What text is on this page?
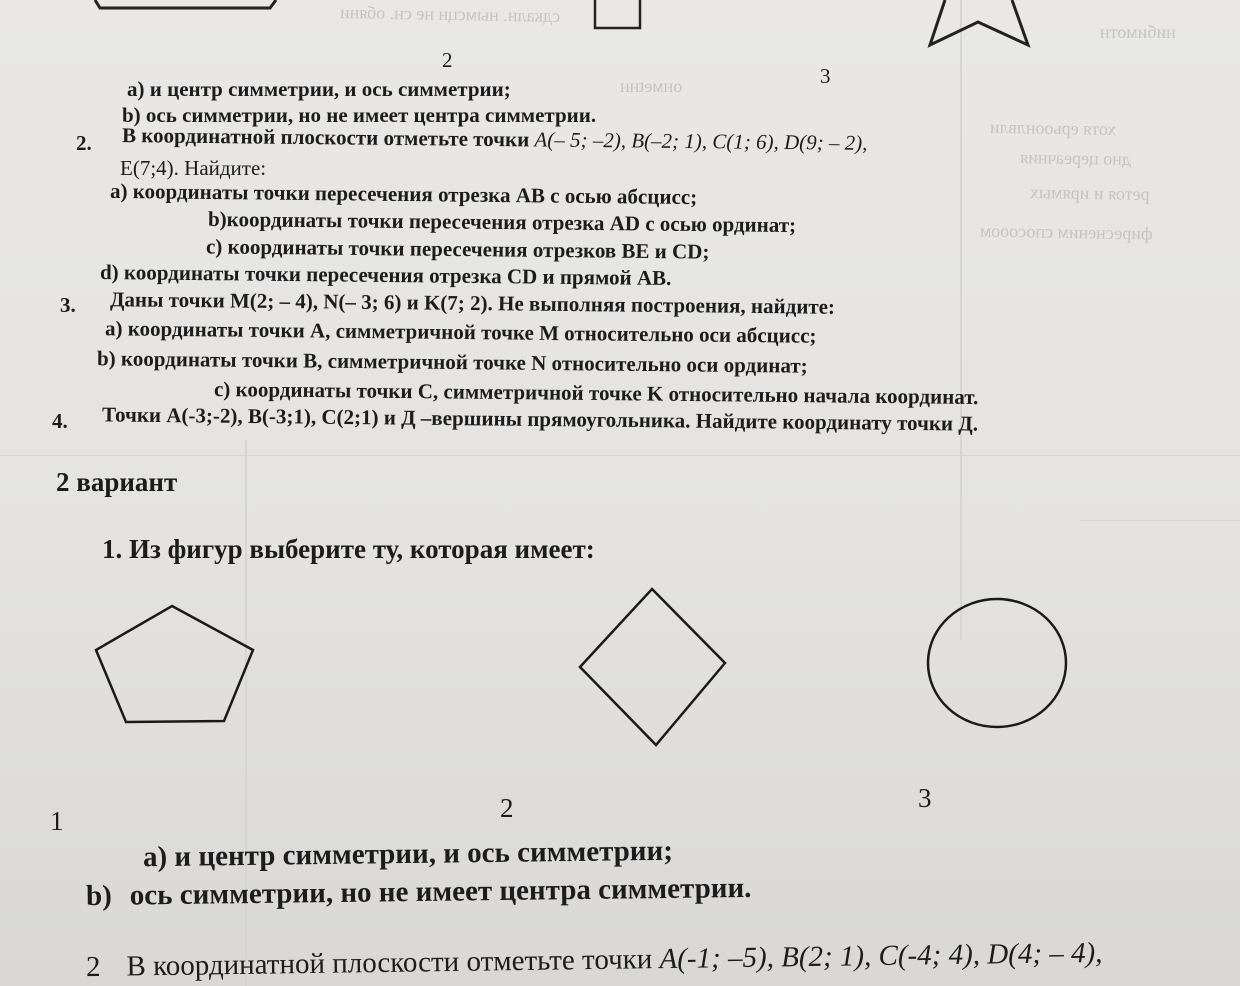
сдкалн. нымсцн не сн. обяни
онмеtнн
хотя ерьоонлвли
дно цереачния
ретоя и ирямых
фиресненим спосооом
нибимотн
2
3
а) и центр симметрии, и ось симметрии;
b) ось симметрии, но не имеет центра симметрии.
2. В координатной плоскости отметьте точки A(– 5; –2), B(–2; 1), C(1; 6), D(9; – 2),
E(7;4). Найдите:
а) координаты точки пересечения отрезка AB с осью абсцисс;
b)координаты точки пересечения отрезка AD с осью ординат;
с) координаты точки пересечения отрезков BE и CD;
d) координаты точки пересечения отрезка CD и прямой AB.
3. Даны точки M(2; – 4), N(– 3; 6) и K(7; 2). Не выполняя построения, найдите:
а) координаты точки A, симметричной точке M относительно оси абсцисс;
b) координаты точки B, симметричной точке N относительно оси ординат;
с) координаты точки C, симметричной точке K относительно начала координат.
4. Точки A(-3;-2), B(-3;1), C(2;1) и Д –вершины прямоугольника. Найдите координату точки Д.
2 вариант
1. Из фигур выберите ту, которая имеет:
1	2	3
а) и центр симметрии, и ось симметрии;
b) ось симметрии, но не имеет центра симметрии.
2 В координатной плоскости отметьте точки A(-1; –5), B(2; 1), C(-4; 4), D(4; – 4),
